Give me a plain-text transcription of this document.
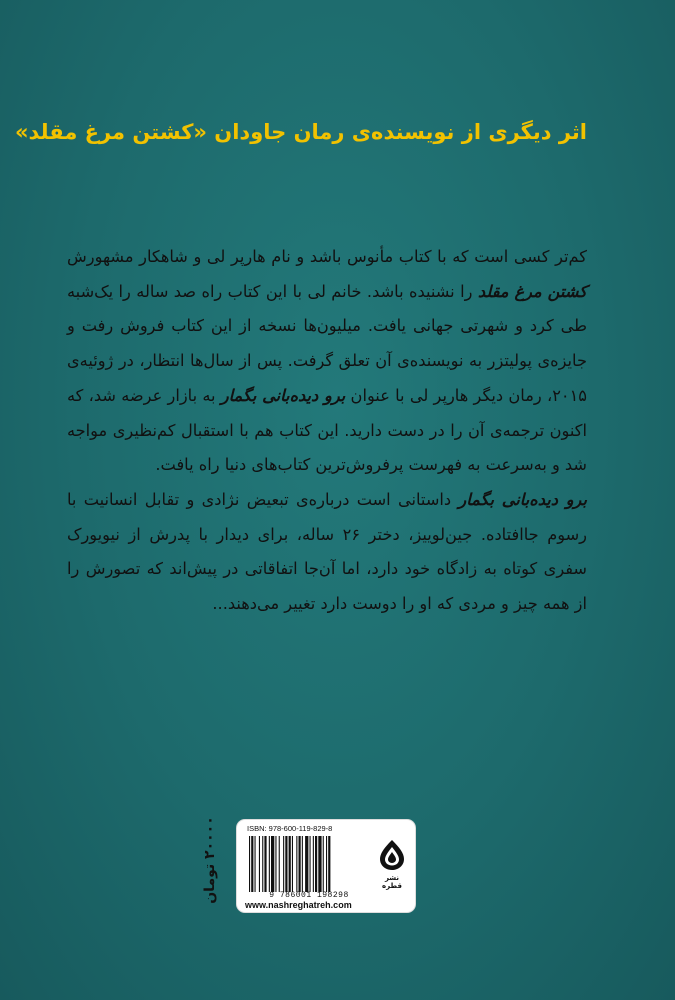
اثر دیگری از نویسنده‌ی رمان جاودان «کشتن مرغ مقلد»

کم‌تر کسی است که با کتاب مأنوس باشد و نام هارپر لی و شاهکار مشهورش کشتن مرغ مقلد را نشنیده باشد. خانم لی با این کتاب راه صد ساله را یک‌شبه طی کرد و شهرتی جهانی یافت. میلیون‌ها نسخه از این کتاب فروش رفت و جایزه‌ی پولیتزر به نویسنده‌ی آن تعلق گرفت. پس از سال‌ها انتظار، در ژوئیه‌ی ۲۰۱۵، رمان دیگر هارپر لی با عنوان برو دیده‌بانی بگمار به بازار عرضه شد، که اکنون ترجمه‌ی آن را در دست دارید. این کتاب هم با استقبال کم‌نظیری مواجه شد و به‌سرعت به فهرست پرفروش‌ترین کتاب‌های دنیا راه یافت.

برو دیده‌بانی بگمار داستانی است درباره‌ی تبعیض نژادی و تقابل انسانیت با رسوم جاافتاده. جین‌لوییز، دختر ۲۶ ساله، برای دیدار با پدرش از نیویورک سفری کوتاه به زادگاه خود دارد، اما آن‌جا اتفاقاتی در پیش‌اند که تصورش را از همه چیز و مردی که او را دوست دارد تغییر می‌دهند...

۲۰۰۰۰ تومان	ISBN: 978-600-119-829-8
9 786001 198298
www.nashreghatreh.com
نشر قطره
